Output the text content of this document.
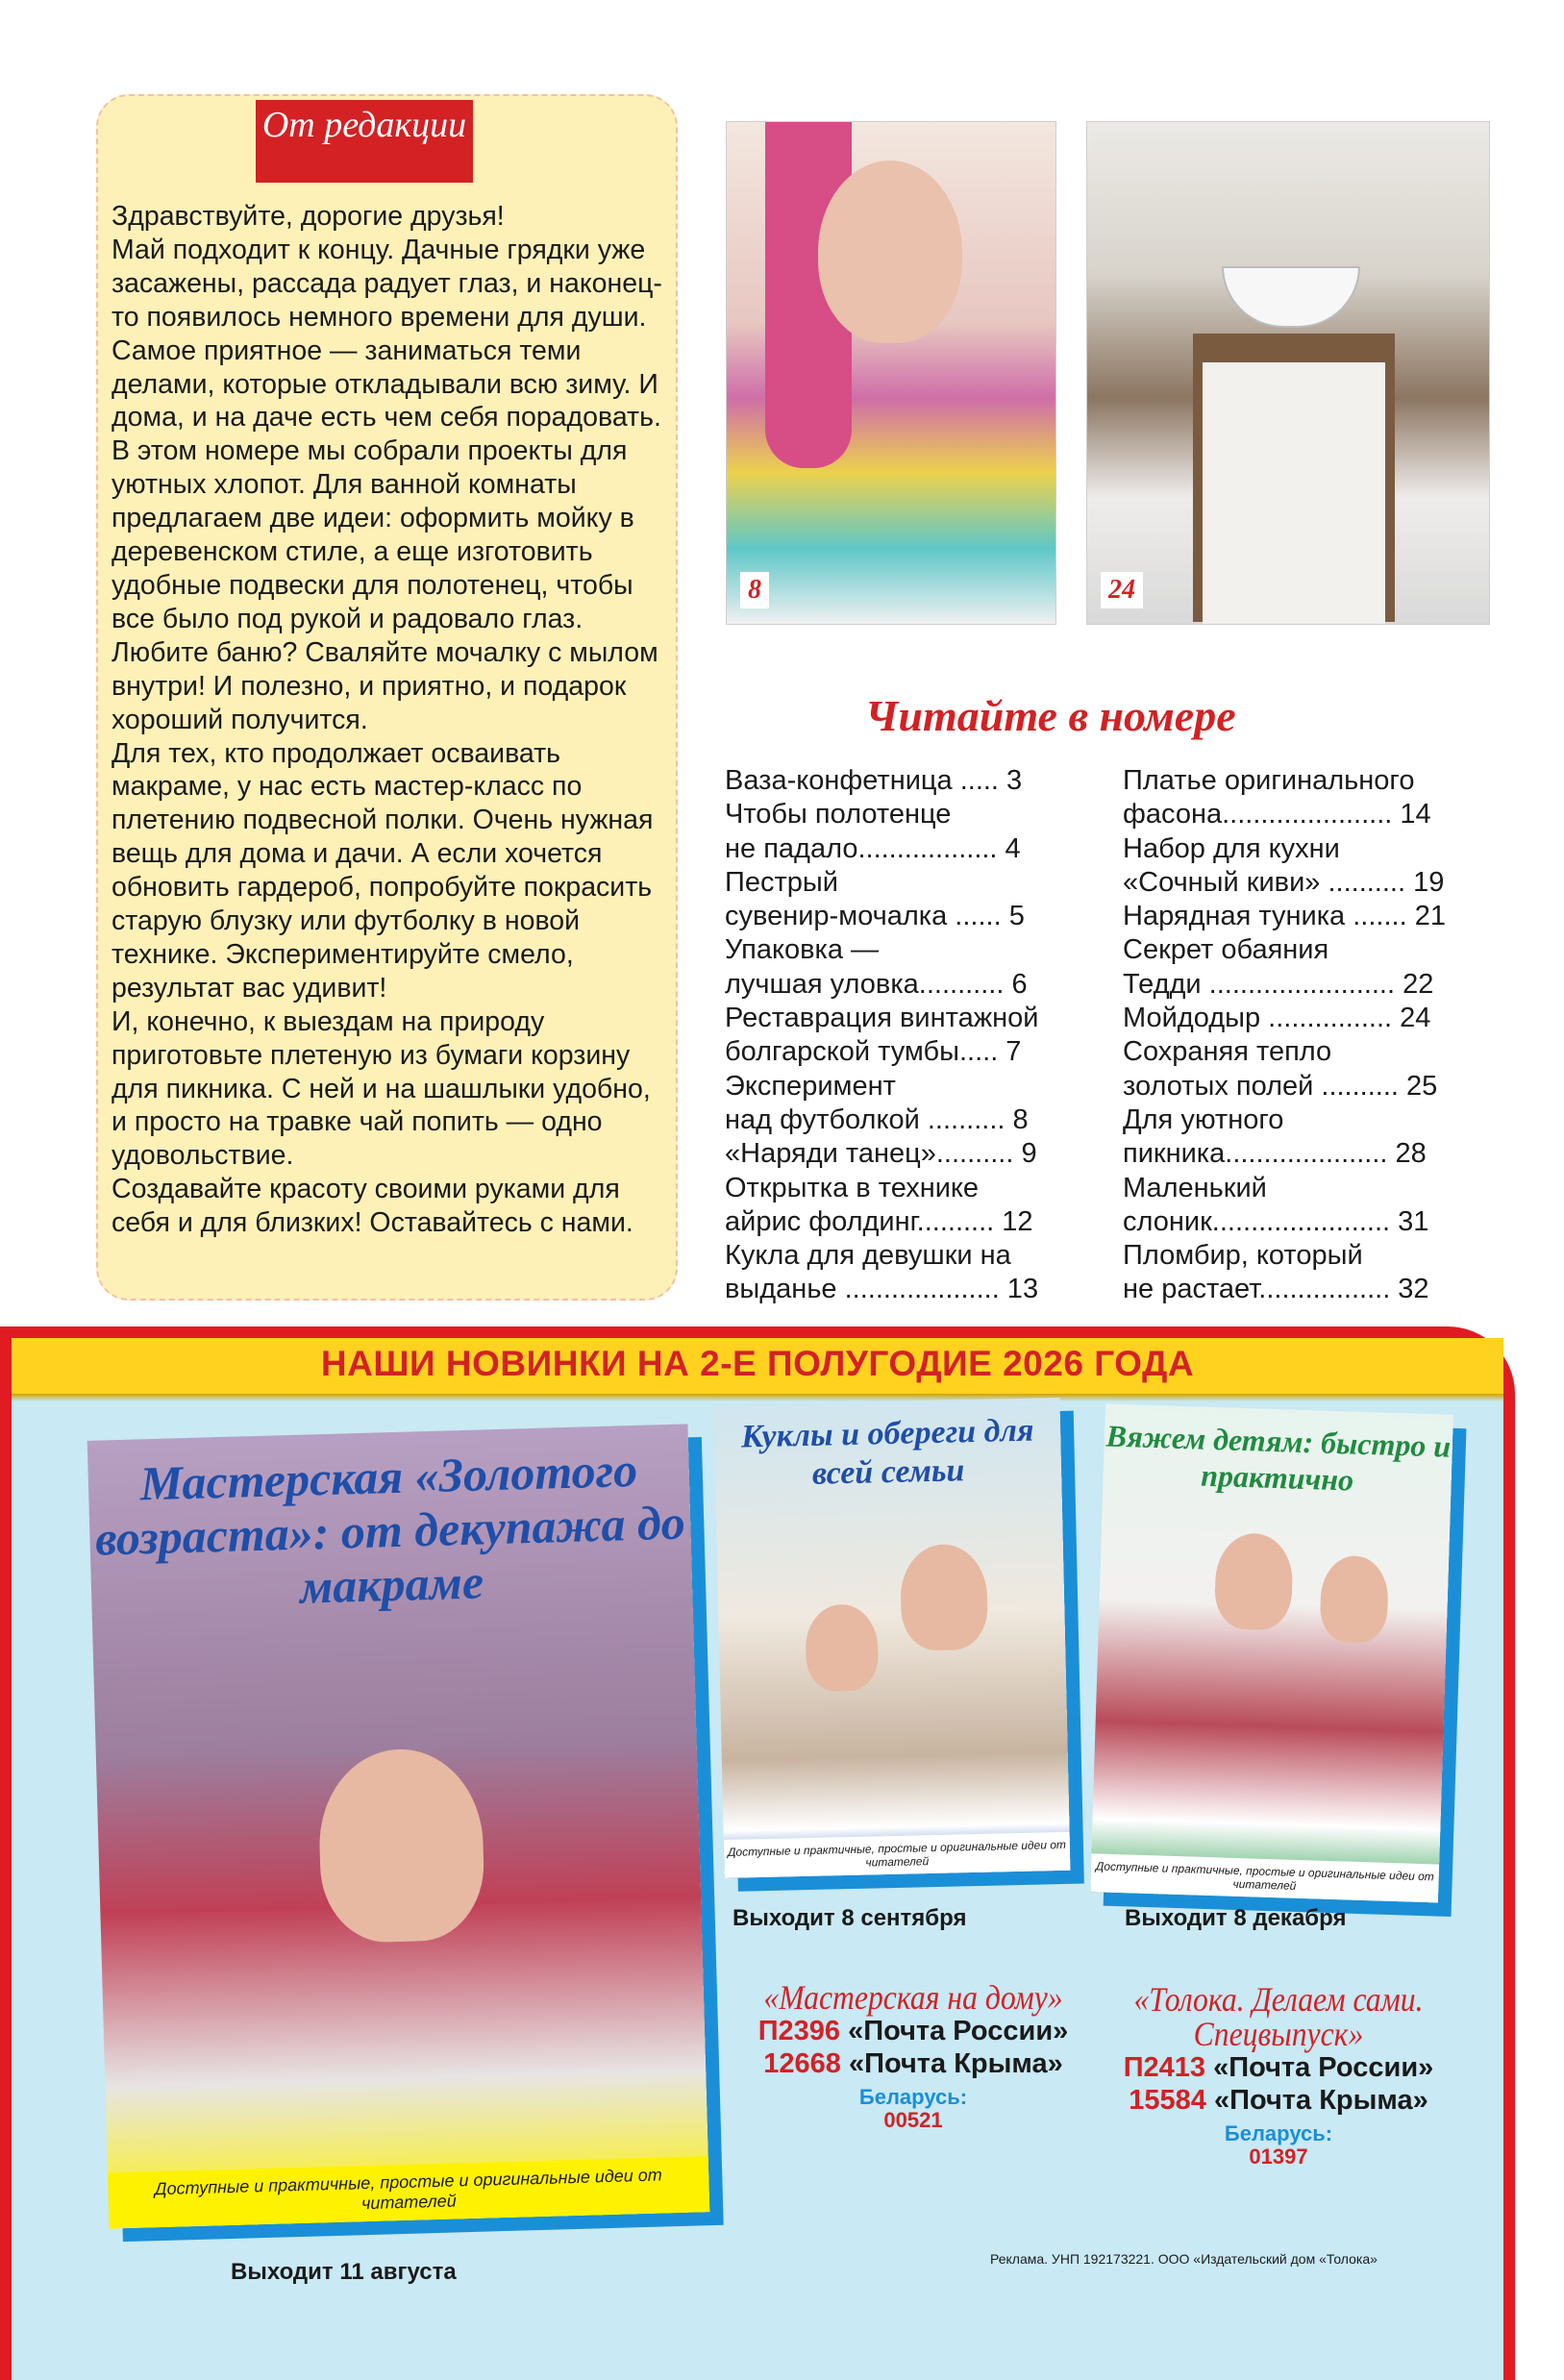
От редакции

Здравствуйте, дорогие друзья!

Май подходит к концу. Дачные грядки уже засажены, рассада радует глаз, и наконец-то появилось немного времени для души. Самое приятное — заниматься теми делами, которые откладывали всю зиму. И дома, и на даче есть чем себя порадовать.

В этом номере мы собрали проекты для уютных хлопот. Для ванной комнаты предлагаем две идеи: оформить мойку в деревенском стиле, а еще изготовить удобные подвески для полотенец, чтобы все было под рукой и радовало глаз.

Любите баню? Сваляйте мочалку с мылом внутри! И полезно, и приятно, и подарок хороший получится.

Для тех, кто продолжает осваивать макраме, у нас есть мастер-класс по плетению подвесной полки. Очень нужная вещь для дома и дачи. А если хочется обновить гардероб, попробуйте покрасить старую блузку или футболку в новой технике. Экспериментируйте смело, результат вас удивит!

И, конечно, к выездам на природу приготовьте плетеную из бумаги корзину для пикника. С ней и на шашлыки удобно, и просто на травке чай попить — одно удовольствие.

Создавайте красоту своими руками для себя и для близких! Оставайтесь с нами.

8	24
Читайте в номере
Ваза-конфетница ..... 3
Чтобы полотенце
не падало.................. 4
Пестрый
сувенир-мочалка ...... 5
Упаковка —
лучшая уловка........... 6
Реставрация винтажной
болгарской тумбы..... 7
Эксперимент
над футболкой .......... 8
«Наряди танец».......... 9
Открытка в технике
айрис фолдинг.......... 12
Кукла для девушки на
выданье .................... 13
Платье оригинального
фасона...................... 14
Набор для кухни
«Сочный киви» .......... 19
Нарядная туника ....... 21
Секрет обаяния
Тедди ........................ 22
Мойдодыр ................ 24
Сохраняя тепло
золотых полей .......... 25
Для уютного
пикника..................... 28
Маленький
слоник....................... 31
Пломбир, который
не растает................. 32
НАШИ НОВИНКИ НА 2-Е ПОЛУГОДИЕ 2026 ГОДА
Мастерская «Золотого возраста»: от декупажа до макраме
Доступные и практичные, простые и оригинальные идеи от читателей
Выходит 11 августа
Куклы и обереги для всей семьи
Доступные и практичные, простые и оригинальные идеи от читателей
Выходит 8 сентября
Вяжем детям: быстро и практично
Доступные и практичные, простые и оригинальные идеи от читателей
Выходит 8 декабря
«Мастерская на дому»
П2396 «Почта России»
12668 «Почта Крыма»
Беларусь:
00521
«Толока. Делаем сами. Спецвыпуск»
П2413 «Почта России»
15584 «Почта Крыма»
Беларусь:
01397
Реклама. УНП 192173221. ООО «Издательский дом «Толока»
